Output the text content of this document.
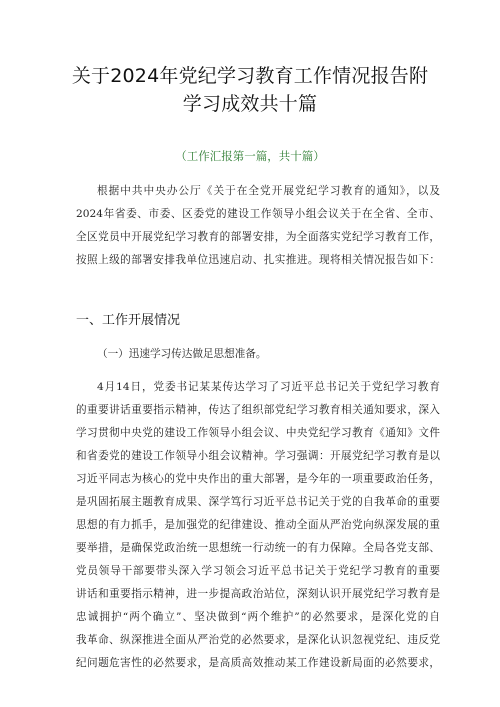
关于2024年党纪学习教育工作情况报告附
学习成效共十篇
（工作汇报第一篇，共十篇）
根据中共中央办公厅《关于在全党开展党纪学习教育的通知》，以及
2024年省委、市委、区委党的建设工作领导小组会议关于在全省、全市、
全区党员中开展党纪学习教育的部署安排，为全面落实党纪学习教育工作，
按照上级的部署安排我单位迅速启动、扎实推进。现将相关情况报告如下：
一、工作开展情况
（一）迅速学习传达做足思想准备。
4月14日，党委书记某某传达学习了习近平总书记关于党纪学习教育
的重要讲话重要指示精神，传达了组织部党纪学习教育相关通知要求，深入
学习贯彻中央党的建设工作领导小组会议、中央党纪学习教育《通知》文件
和省委党的建设工作领导小组会议精神。学习强调：开展党纪学习教育是以
习近平同志为核心的党中央作出的重大部署，是今年的一项重要政治任务，
是巩固拓展主题教育成果、深学笃行习近平总书记关于党的自我革命的重要
思想的有力抓手，是加强党的纪律建设、推动全面从严治党向纵深发展的重
要举措，是确保党政治统一思想统一行动统一的有力保障。全局各党支部、
党员领导干部要带头深入学习领会习近平总书记关于党纪学习教育的重要
讲话和重要指示精神，进一步提高政治站位，深刻认识开展党纪学习教育是
忠诚拥护“两个确立”、坚决做到“两个维护”的必然要求，是深化党的自
我革命、纵深推进全面从严治党的必然要求，是深化认识忽视党纪、违反党
纪问题危害性的必然要求，是高质高效推动某工作建设新局面的必然要求，
